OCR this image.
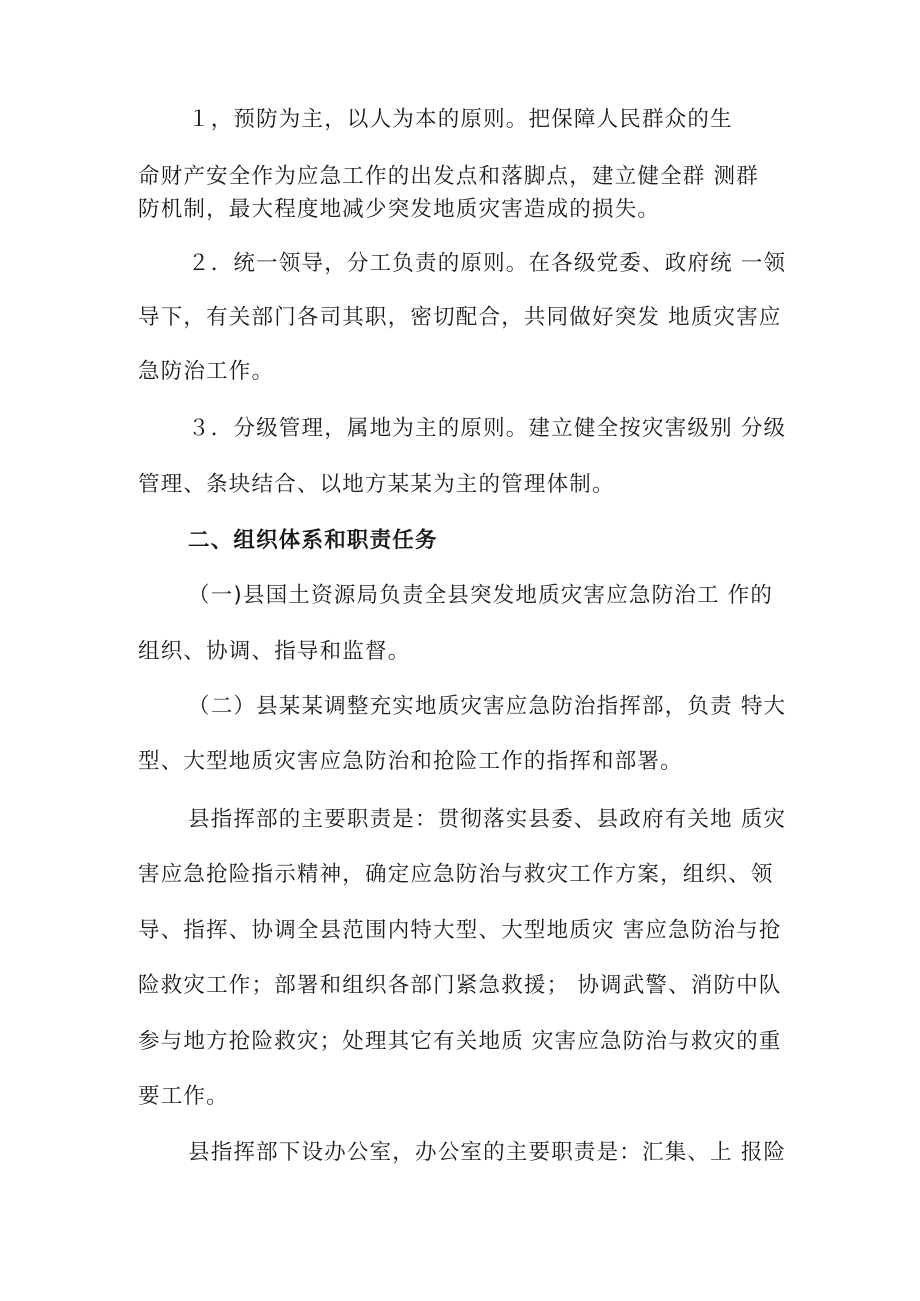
１，预防为主，以人为本的原则。把保障人民群众的生

命财产安全作为应急工作的出发点和落脚点，建立健全群 测群

防机制，最大程度地减少突发地质灾害造成的损失。

２．统一领导，分工负责的原则。在各级党委、政府统 一领

导下，有关部门各司其职，密切配合，共同做好突发 地质灾害应

急防治工作。

３．分级管理，属地为主的原则。建立健全按灾害级别 分级

管理、条块结合、以地方某某为主的管理体制。

二、组织体系和职责任务

（一)县国土资源局负责全县突发地质灾害应急防治工 作的

组织、协调、指导和监督。

（二）县某某调整充实地质灾害应急防治指挥部，负责 特大

型、大型地质灾害应急防治和抢险工作的指挥和部署。

县指挥部的主要职责是：贯彻落实县委、县政府有关地 质灾

害应急抢险指示精神，确定应急防治与救灾工作方案，组织、领

导、指挥、协调全县范围内特大型、大型地质灾 害应急防治与抢

险救灾工作；部署和组织各部门紧急救援； 协调武警、消防中队

参与地方抢险救灾；处理其它有关地质 灾害应急防治与救灾的重

要工作。

县指挥部下设办公室，办公室的主要职责是：汇集、上 报险
